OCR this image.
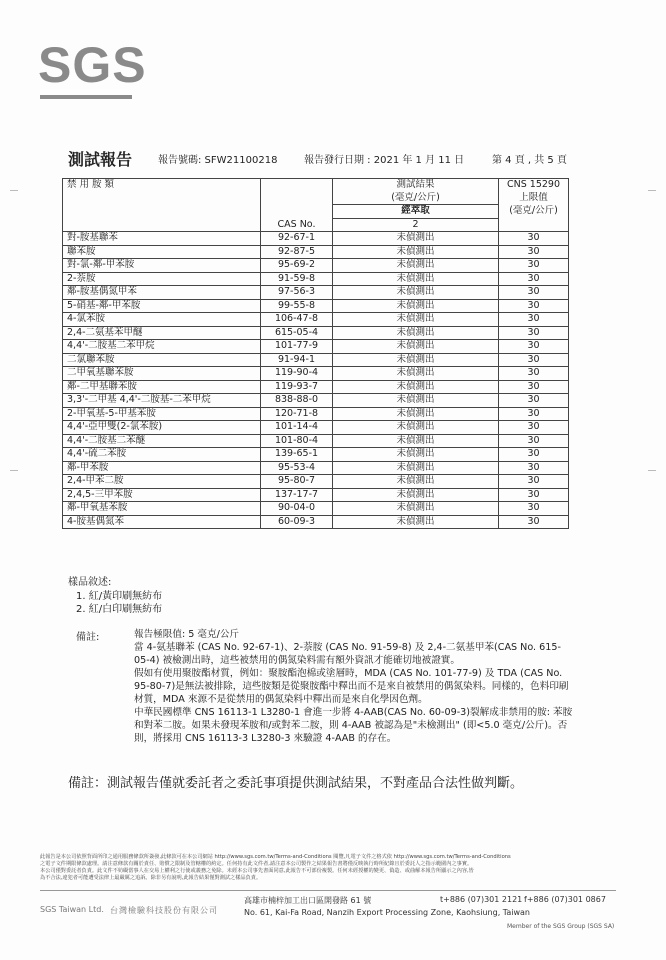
SGS
測試報告	報告號碼: SFW21100218	報告發行日期 : 2021 年 1 月 11 日	第 4 頁 , 共 5 頁
禁 用 胺 類	CAS No.	測試結果	CNS 15290
		(毫克/公斤)	上限值
		經萃取	(毫克/公斤)
		2	
對-胺基聯苯	92-67-1	未偵測出	30
聯苯胺	92-87-5	未偵測出	30
對-氯-鄰-甲苯胺	95-69-2	未偵測出	30
2-萘胺	91-59-8	未偵測出	30
鄰-胺基偶氮甲苯	97-56-3	未偵測出	30
5-硝基-鄰-甲苯胺	99-55-8	未偵測出	30
4-氯苯胺	106-47-8	未偵測出	30
2,4-二氨基苯甲醚	615-05-4	未偵測出	30
4,4'-二胺基二苯甲烷	101-77-9	未偵測出	30
二氯聯苯胺	91-94-1	未偵測出	30
二甲氧基聯苯胺	119-90-4	未偵測出	30
鄰-二甲基聯苯胺	119-93-7	未偵測出	30
3,3'-二甲基 4,4'-二胺基-二苯甲烷	838-88-0	未偵測出	30
2-甲氧基-5-甲基苯胺	120-71-8	未偵測出	30
4,4'-亞甲雙(2-氯苯胺)	101-14-4	未偵測出	30
4,4'-二胺基二苯醚	101-80-4	未偵測出	30
4,4'-硫二苯胺	139-65-1	未偵測出	30
鄰-甲苯胺	95-53-4	未偵測出	30
2,4-甲苯二胺	95-80-7	未偵測出	30
2,4,5-三甲苯胺	137-17-7	未偵測出	30
鄰-甲氧基苯胺	90-04-0	未偵測出	30
4-胺基偶氮苯	60-09-3	未偵測出	30
樣品敘述:
1. 紅/黃印刷無紡布
2. 紅/白印刷無紡布
備註:	報告極限值: 5 毫克/公斤

當 4-氨基聯苯 (CAS No. 92-67-1)、2-萘胺 (CAS No. 91-59-8) 及 2,4-二氨基甲苯(CAS No. 615-05-4) 被檢測出時，這些被禁用的偶氮染料需有額外資訊才能確切地被證實。

假如有使用聚胺酯材質，例如：聚胺酯泡棉或塗層時，MDA (CAS No. 101-77-9) 及 TDA (CAS No. 95-80-7)是無法被排除，這些胺類是從聚胺酯中釋出而不是來自被禁用的偶氮染料。同樣的，色料印刷材質，MDA 來源不是從禁用的偶氮染料中釋出而是來自化學因色劑。

中華民國標準 CNS 16113-1 L3280-1 會進一步將 4-AAB(CAS No. 60-09-3)裂解成非禁用的胺: 苯胺和對苯二胺。如果未發現苯胺和/或對苯二胺，則 4-AAB 被認為是"未檢測出" (即<5.0 毫克/公斤)。否則，將採用 CNS 16113-3 L3280-3 來驗證 4-AAB 的存在。

備註：測試報告僅就委託者之委託事項提供測試結果，不對產品合法性做判斷。
此報告是本公司依照背面所印之通用服務條款所簽發,此條款可在本公司網站 http://www.sgs.com.tw/Terms-and-Conditions 閱覽,凡電子文件之格式依 http://www.sgs.com.tw/Terms-and-Conditions
之電子文件期限條款處理。請注意條款有關於責任、賠償之限制及管轄權的約定。任何持有此文件者,請注意本公司製作之結果報告書將僅反映執行時所紀錄且於委託人之指示範圍內之事實。
本公司僅對委託者負責。此文件不妨礙當事人在交易上權利之行使或義務之免除。未經本公司事先書面同意,此報告不可部份複製。任何未經授權的變更、偽造、或曲解本報告所顯示之內容,皆
為不合法,違犯者可能遭受法律上最嚴厲之追訴。除非另有說明,此報告結果僅對測試之樣品負責。
SGS Taiwan Ltd. 台灣檢驗科技股份有限公司
高雄市楠梓加工出口區開發路 61 號	t+886 (07)301 2121 f+886 (07)301 0867
No. 61, Kai-Fa Road, Nanzih Export Processing Zone, Kaohsiung, Taiwan
Member of the SGS Group (SGS SA)
